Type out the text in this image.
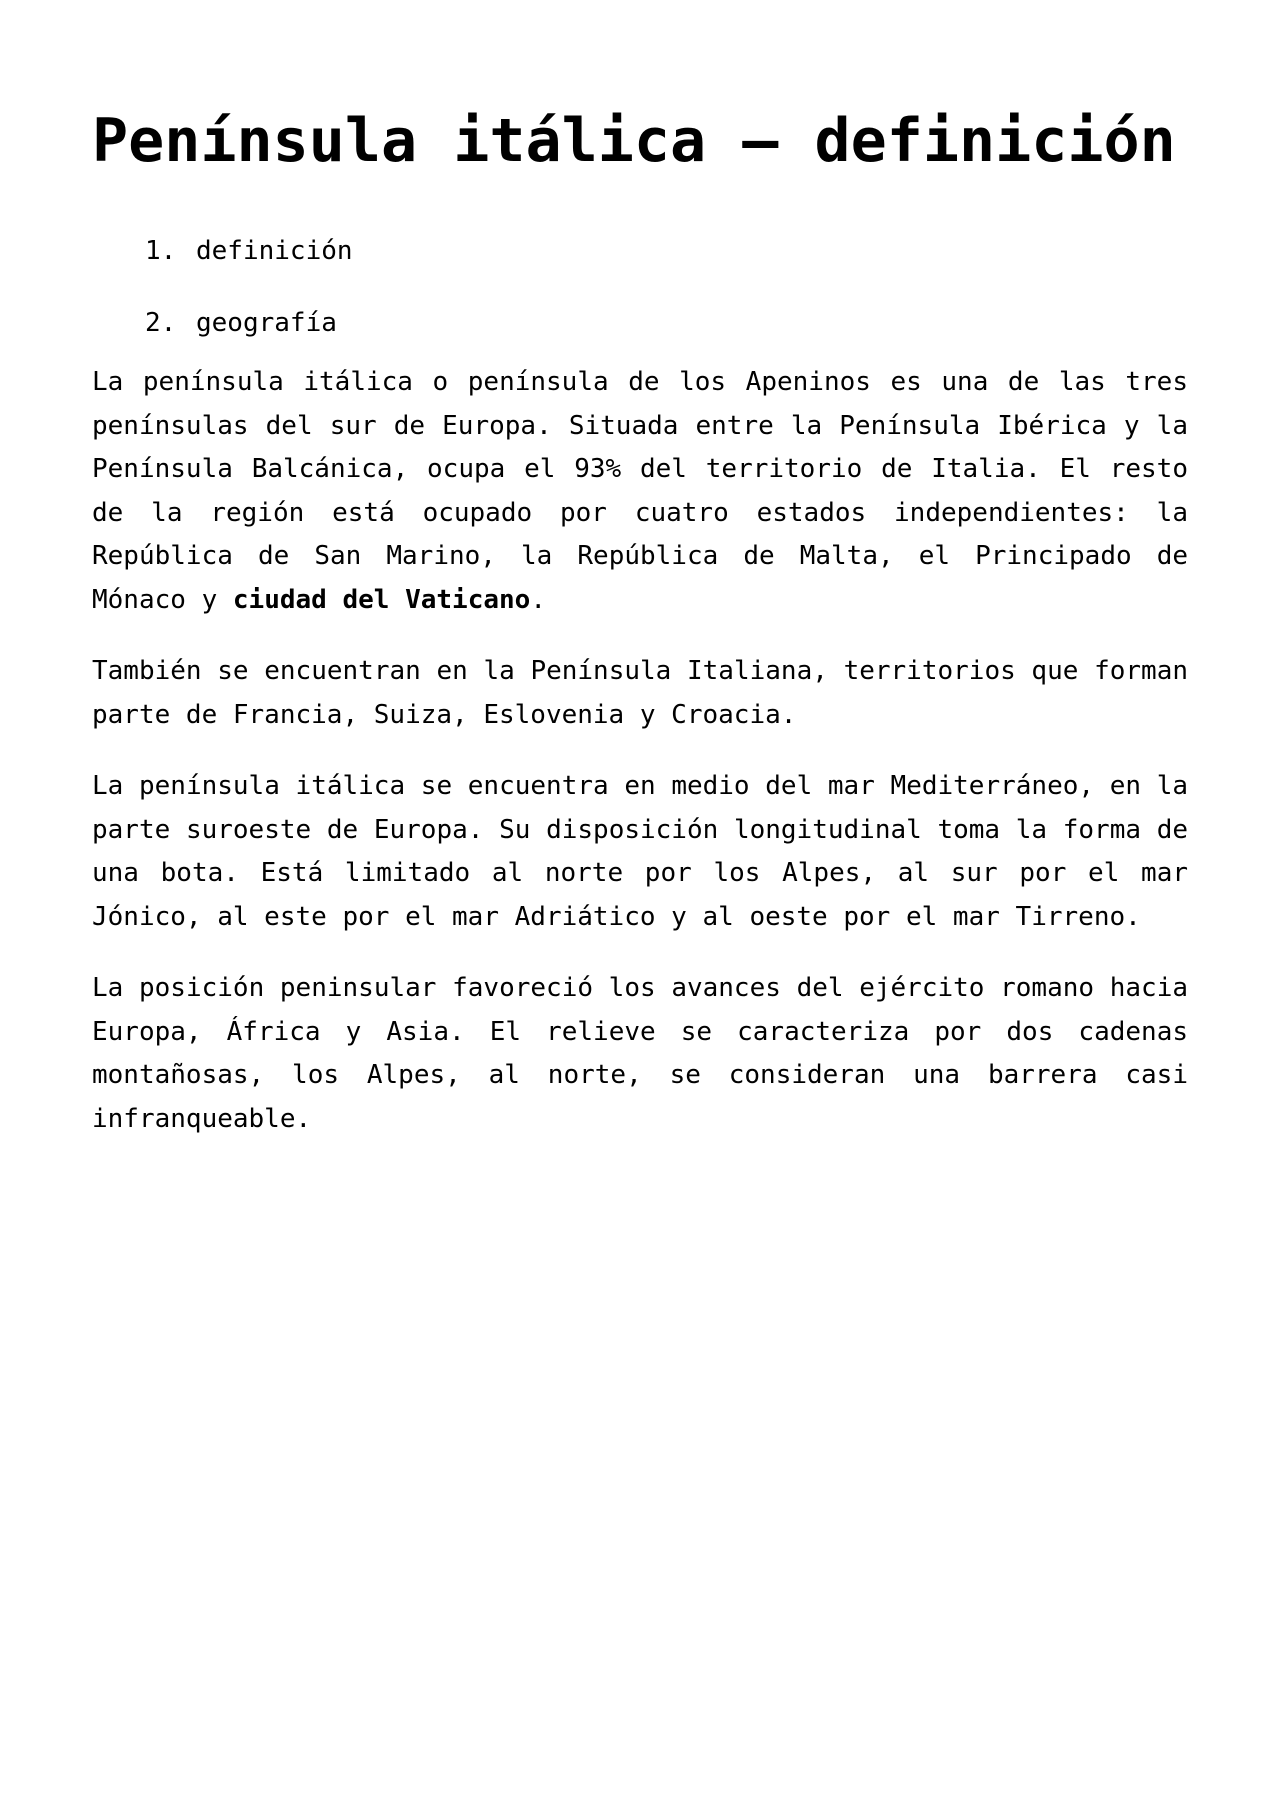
Península itálica – definición
1. definición
2. geografía

La península itálica o península de los Apeninos es una de las tres penínsulas del sur de Europa. Situada entre la Península Ibérica y la Península Balcánica, ocupa el 93% del territorio de Italia. El resto de la región está ocupado por cuatro estados independientes: la República de San Marino, la República de Malta, el Principado de Mónaco y ciudad del Vaticano.

También se encuentran en la Península Italiana, territorios que forman parte de Francia, Suiza, Eslovenia y Croacia.

La península itálica se encuentra en medio del mar Mediterráneo, en la parte suroeste de Europa. Su disposición longitudinal toma la forma de una bota. Está limitado al norte por los Alpes, al sur por el mar Jónico, al este por el mar Adriático y al oeste por el mar Tirreno.

La posición peninsular favoreció los avances del ejército romano hacia Europa, África y Asia. El relieve se caracteriza por dos cadenas montañosas, los Alpes, al norte, se consideran una barrera casi infranqueable.
